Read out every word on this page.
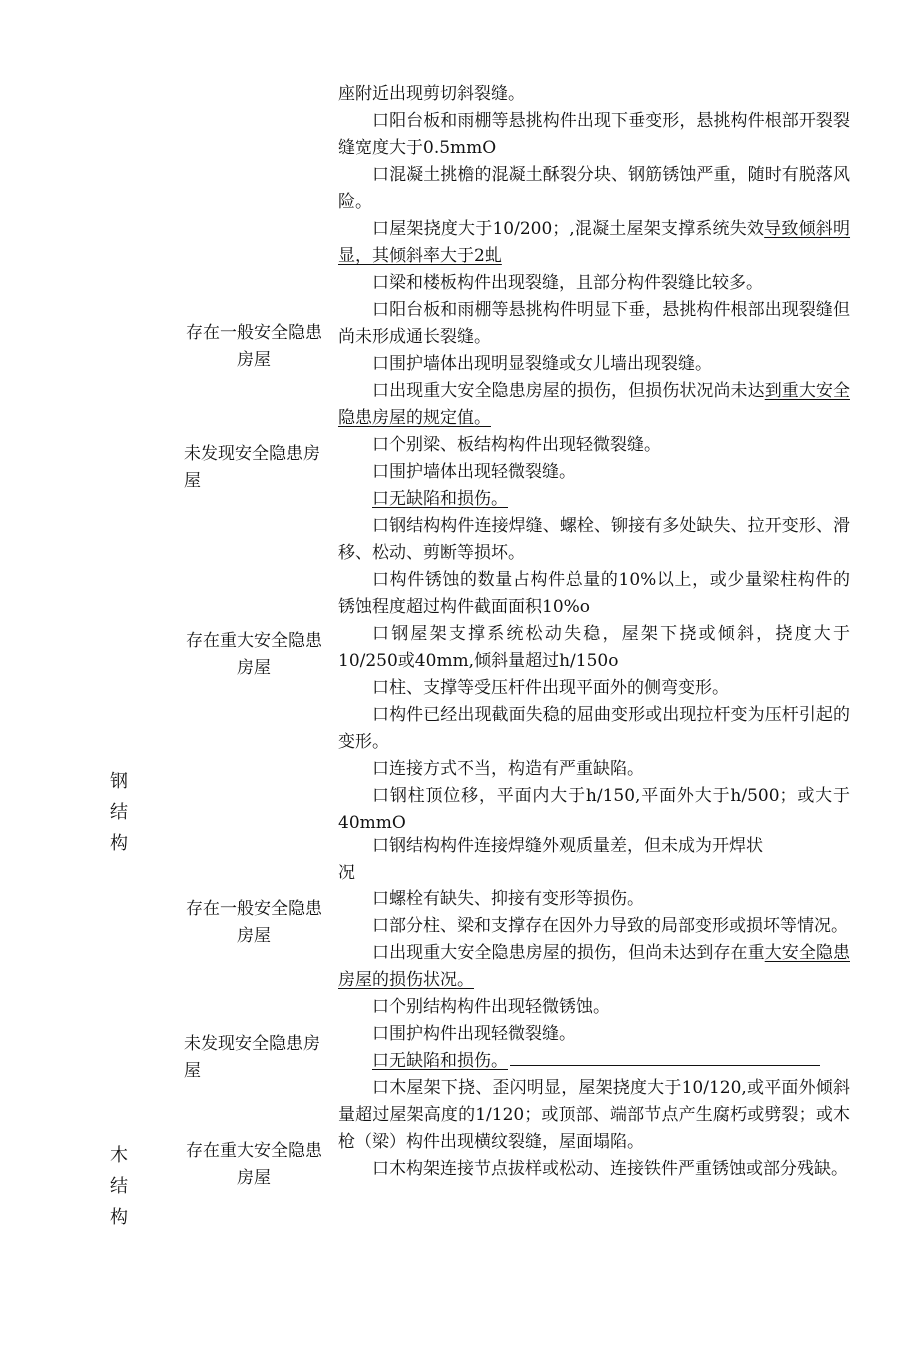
钢
结
构
木
结
构
存在一般安全隐患房屋
未发现安全隐患房屋
存在重大安全隐患房屋
存在一般安全隐患房屋
未发现安全隐患房屋
存在重大安全隐患房屋

座附近出现剪切斜裂缝。

口阳台板和雨棚等悬挑构件出现下垂变形，悬挑构件根部开裂裂缝宽度大于0.5mmO

口混凝土挑檐的混凝土酥裂分块、钢筋锈蚀严重，随时有脱落风险。

口屋架挠度大于10/200；,混凝土屋架支撑系统失效导致倾斜明显，其倾斜率大于2虬

口梁和楼板构件出现裂缝，且部分构件裂缝比较多。

口阳台板和雨棚等悬挑构件明显下垂，悬挑构件根部出现裂缝但尚未形成通长裂缝。

口围护墙体出现明显裂缝或女儿墙出现裂缝。

口出现重大安全隐患房屋的损伤，但损伤状况尚未达到重大安全隐患房屋的规定值。

口个别梁、板结构构件出现轻微裂缝。

口围护墙体出现轻微裂缝。

口无缺陷和损伤。

口钢结构构件连接焊缝、螺栓、铆接有多处缺失、拉开变形、滑移、松动、剪断等损坏。

口构件锈蚀的数量占构件总量的10%以上，或少量梁柱构件的锈蚀程度超过构件截面面积10%o

口钢屋架支撑系统松动失稳，屋架下挠或倾斜，挠度大于10/250或40mm,倾斜量超过h∕150o

口柱、支撑等受压杆件出现平面外的侧弯变形。

口构件已经出现截面失稳的屈曲变形或出现拉杆变为压杆引起的变形。

口连接方式不当，构造有严重缺陷。

口钢柱顶位移，平面内大于h∕150,平面外大于h/500；或大于40mmO

口钢结构构件连接焊缝外观质量差，但未成为开焊状

况

口螺栓有缺失、抑接有变形等损伤。

口部分柱、梁和支撑存在因外力导致的局部变形或损坏等情况。

口出现重大安全隐患房屋的损伤，但尚未达到存在重大安全隐患房屋的损伤状况。

口个别结构构件出现轻微锈蚀。

口围护构件出现轻微裂缝。

口无缺陷和损伤。

口木屋架下挠、歪闪明显，屋架挠度大于10/120,或平面外倾斜量超过屋架高度的1/120；或顶部、端部节点产生腐朽或劈裂；或木枪（梁）构件出现横纹裂缝，屋面塌陷。

口木构架连接节点拔样或松动、连接铁件严重锈蚀或部分残缺。
